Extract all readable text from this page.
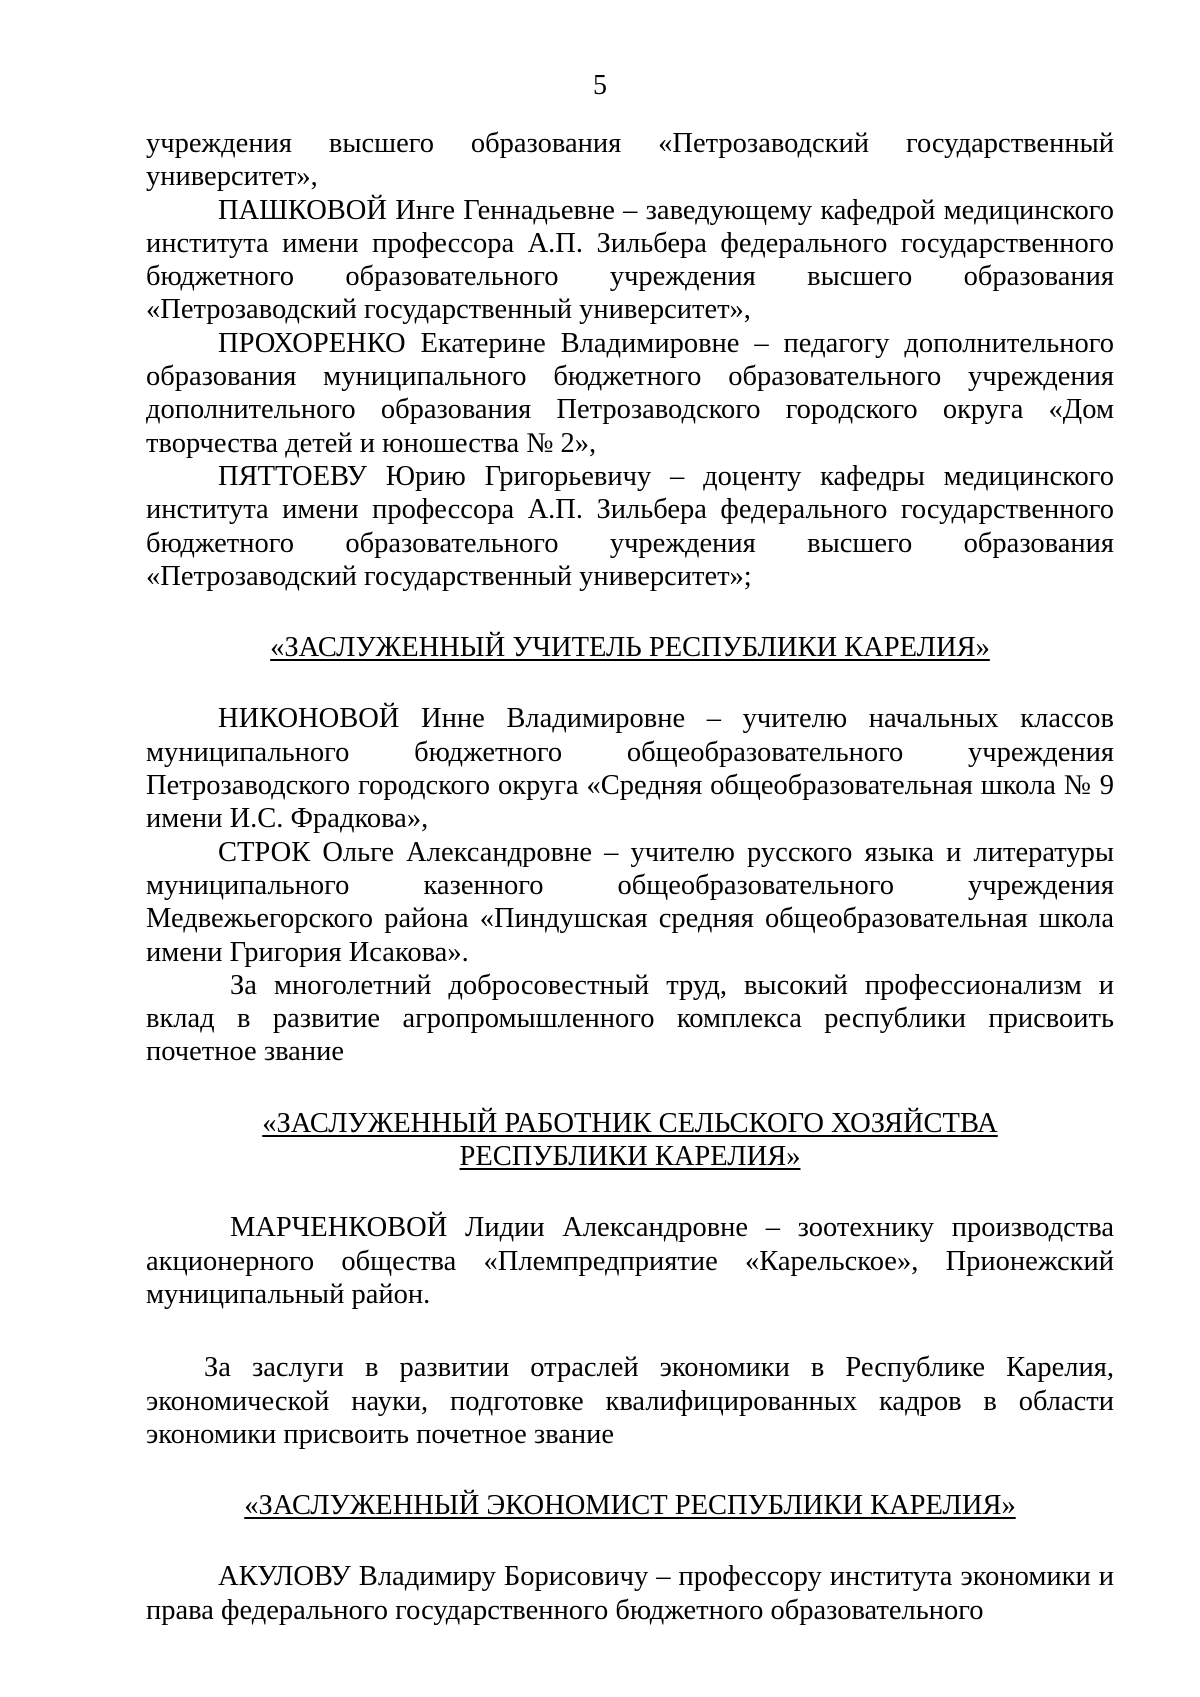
5

учреждения высшего образования «Петрозаводский государственный университет»,

ПАШКОВОЙ Инге Геннадьевне – заведующему кафедрой медицинского института имени профессора А.П. Зильбера федерального государственного бюджетного образовательного учреждения высшего образования «Петрозаводский государственный университет»,

ПРОХОРЕНКО Екатерине Владимировне – педагогу дополнительного образования муниципального бюджетного образовательного учреждения дополнительного образования Петрозаводского городского округа «Дом творчества детей и юношества № 2»,

ПЯТТОЕВУ Юрию Григорьевичу – доценту кафедры медицинского института имени профессора А.П. Зильбера федерального государственного бюджетного образовательного учреждения высшего образования «Петрозаводский государственный университет»;

«ЗАСЛУЖЕННЫЙ УЧИТЕЛЬ РЕСПУБЛИКИ КАРЕЛИЯ»

НИКОНОВОЙ Инне Владимировне – учителю начальных классов муниципального бюджетного общеобразовательного учреждения Петрозаводского городского округа «Средняя общеобразовательная школа № 9 имени И.С. Фрадкова»,

СТРОК Ольге Александровне – учителю русского языка и литературы муниципального казенного общеобразовательного учреждения Медвежьегорского района «Пиндушская средняя общеобразовательная школа имени Григория Исакова».

За многолетний добросовестный труд, высокий профессионализм и вклад в развитие агропромышленного комплекса республики присвоить почетное звание

«ЗАСЛУЖЕННЫЙ РАБОТНИК СЕЛЬСКОГО ХОЗЯЙСТВА
РЕСПУБЛИКИ КАРЕЛИЯ»

МАРЧЕНКОВОЙ Лидии Александровне – зоотехнику производства акционерного общества «Племпредприятие «Карельское», Прионежский муниципальный район.

За заслуги в развитии отраслей экономики в Республике Карелия, экономической науки, подготовке квалифицированных кадров в области экономики присвоить почетное звание

«ЗАСЛУЖЕННЫЙ ЭКОНОМИСТ РЕСПУБЛИКИ КАРЕЛИЯ»

АКУЛОВУ Владимиру Борисовичу – профессору института экономики и права федерального государственного бюджетного образовательного
